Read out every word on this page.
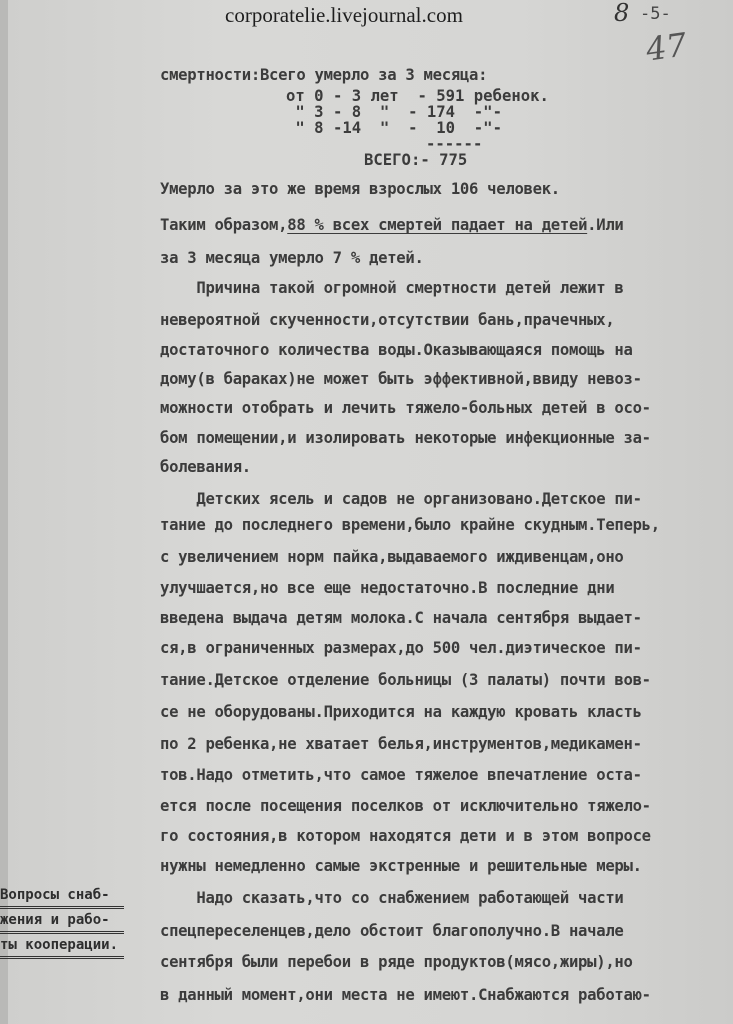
corporatelie.livejournal.com	8 -5-
47
смертности:Всего умерло за 3 месяца:
от 0 - 3 лет - 591 ребенок.
" 3 - 8  " - 174  -"-
" 8 -14  " -  10  -"-
------
ВСЕГО:- 775
Умерло за это же время взрослых 106 человек.
Таким образом,88 % всех смертей падает на детей.Или
за 3 месяца умерло 7 % детей.
Причина такой огромной смертности детей лежит в
невероятной скученности,отсутствии бань,прачечных,
достаточного количества воды.Оказывающаяся помощь на
дому(в бараках)не может быть эффективной,ввиду невоз-
можности отобрать и лечить тяжело-больных детей в осо-
бом помещении,и изолировать некоторые инфекционные за-
болевания.
Детских ясель и садов не организовано.Детское пи-
тание до последнего времени,было крайне скудным.Теперь,
с увеличением норм пайка,выдаваемого иждивенцам,оно
улучшается,но все еще недостаточно.В последние дни
введена выдача детям молока.С начала сентября выдает-
ся,в ограниченных размерах,до 500 чел.диэтическое пи-
тание.Детское отделение больницы (3 палаты) почти вов-
се не оборудованы.Приходится на каждую кровать класть
по 2 ребенка,не хватает белья,инструментов,медикамен-
тов.Надо отметить,что самое тяжелое впечатление оста-
ется после посещения поселков от исключительно тяжело-
го состояния,в котором находятся дети и в этом вопросе
нужны немедленно самые экстренные и решительные меры.
Надо сказать,что со снабжением работающей части
спецпереселенцев,дело обстоит благополучно.В начале
сентября были перебои в ряде продуктов(мясо,жиры),но
в данный момент,они места не имеют.Снабжаются работаю-
Вопросы снаб-
жения и рабо-
ты кооперации.
